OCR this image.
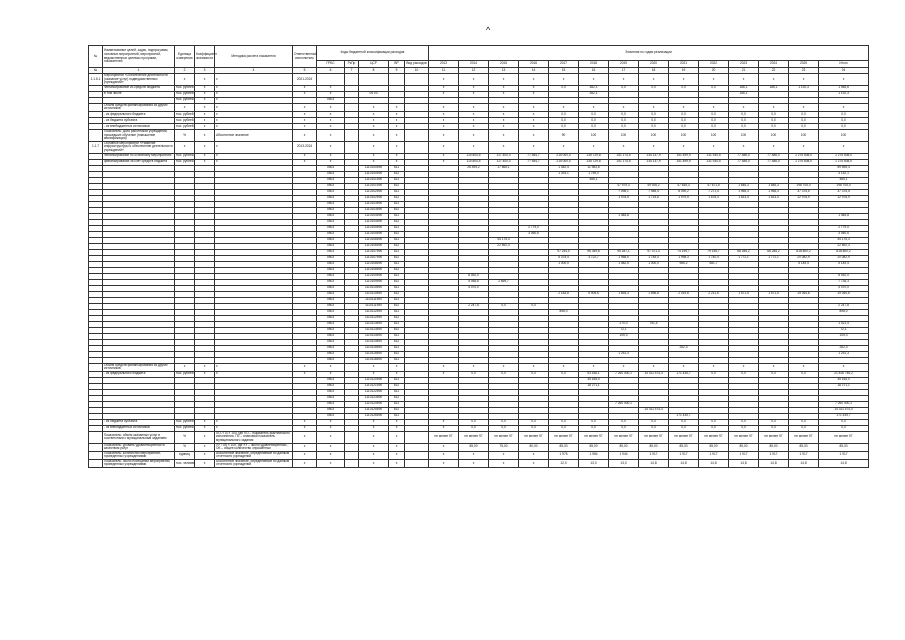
^
№	Наименование целей, задач, подпрограмм, основных мероприятий, мероприятий, ведомственных целевых программ, показателей	Единица измерения	Коэффициент значимости	Методика расчета показателя	Ответственный исполнитель	Коды бюджетной классификации расходов					Значения по годам реализации													
						ГРБС	РзПр	ЦСР	ВР	Вид расходов	2013	2014	2015	2016	2017	2018	2019	2020	2021	2022	2023	2024	2025	Итого
№	1	2	3	4	5	6	7	8	9	10	11	12	13	14	15	16	17	18	19	20	21	22	23	24
1.1.6.1	Мероприятие «Обеспечение деятельности (оказание услуг) подведомственных учреждений»	x	x	x	2021-2024						x	x	x	x	x	x	x	x	x	x	x	x	x	x
	Финансирование из средств бюджета	тыс. рублей	x	x	x	x					x	x	x	x	0,0	382,1	0,0	0,0	0,0	0,0	186,1	186,1	1 192,3	1 946,6
	в том числе	тыс. рублей	x	x	x	x		05 03			x	x	x	x		382,1					186,1			1 192,3
		тыс. рублей	x	x		0503																		
	Объем средств финансирования из других источников	x	x	x	x	x		x	x		x	x	x	x	x	x	x	x	x	x	x	x	x	x
	- из федерального бюджета	тыс. рублей	x	x	x	x		x	x		x	x	x	x	0,0	0,0	0,0	0,0	0,0	0,0	0,0	0,0	0,0	0,0
	- из бюджета субъекта	тыс. рублей	x	x	x	x		x	x		x	x	x	x	0,0	0,0	0,0	0,0	0,0	0,0	0,0	0,0	0,0	0,0
	- из внебюджетных источников	тыс. рублей	x	x	x	x		x	x		x	x	x	x	0,0	0,0	0,0	0,0	0,0	0,0	0,0	0,0	0,0	0,0
	Показатель: доля работников учреждений, прошедших обучение (повышение квалификации)	%	x	Абсолютное значение	x	x		x	x		x	x	x	x	90	100	100	100	100	100	100	100	100	100
1.1.7	Основное мероприятие «Развитие инфраструктуры и обеспечение деятельности учреждений»	x	x	x	2013-2024	x		x	x		x	x	x	x	x	x	x	x	x	x	x	x	x	x
	Финансирование по основному мероприятию	тыс. рублей	x	x	x	x		x	x		x	110 804,5	117 400,3	77 554,7	215 000,0	135 729,8	151 174,5	134 137,9	151 499,9	131 934,5	77 486,0	77 486,0	1 275 608,0	1 275 608,0
	финансирование за счет средств бюджета	тыс. рублей	x	x	x	x		x	x		x	110 804,5	117 400,3	77 554,7	215 000,0	135 729,8	151 174,5	134 137,9	151 499,9	131 934,5	77 486,0	77 486,0	1 275 608,0	1 275 608,0
						0503		1110100590	611			26 494,2	17 665,1		1 452,4	11 983,6								59 595,3
						0503		1110100590	612						1 393,1	1 759,0								3 152,1
						0503		1110101590	611							485,1								485,1
						0503		1110101590	612								47 979,3	49 926,2	47 835,3	47 671,5	1 646,3	1 646,3	198 705,0	198 705,0
						0503		1110102590	611								7 098,1	7 985,4	8 090,2	7 271,4	1 965,3	1 965,3	37 375,5	37 375,5
						0503		1110102590	612								1 978,5	1 715,8	1 979,5	1 678,3	1 813,4	1 813,4	12 978,9	12 978,9
						0503		1110103590	611															
						0503		1110103590	612															
						0503		1110104590	611								1 484,8							1 484,8
						0503		1110104590	612															
						0503		1110105590	611					2 779,0										2 779,0
						0503		1110105590	612					3 060,6										3 060,6
						0503		1110106590	611				44 175,3											44 175,3
						0503		1110106590	612				22 892,3											22 892,3
						0503		1110107590	611						97 244,0	96 349,8	95 287,1	97 371,3	74 199,7	79 155,7	68 285,2	68 285,2	818 800,2	818 800,2
						0503		1110107590	612						5 375,4	3 722,7	1 958,5	1 745,4	1 998,3	1 740,4	1 772,1	1 772,1	20 082,9	20 082,9
						0503		1110108590	611						1 000,0		1 482,5	1 000,0	985,2	681,7			5 149,4	5 149,4
						0503		1110108590	612															
						0503		1110109590	611			8 052,0												8 052,0
						0503		1110109590	612			5 065,6	2 669,7											7 735,3
						0503		1110110590	611			4 070,0												4 070,0
						0503		1110110590	612						2 183,8	5 905,6	1 894,3	1 696,8	2 019,6	2 211,5	1 571,5	1 571,5	19 054,6	19 054,6
						0503		1110111590	611															
						0503		1110111590	612			2 247,8	0,0	0,0										2 247,8
						0503		1110112590	611						898,0									898,0
						0503		1110112590	612															
						0503		1110113590	611								270,0	751,4						1 021,4
						0503		1110113590	612								72,1							72,1
						0503		1110114590	611								105,3							105,3
						0503		1110114590	612															
						0503		1110115590	611										262,3					262,3
						0503		1110115590	612								1 251,3							1 251,3
						0503		1110116590	611															
	Объем средств финансирования из других источников	x	x	x	x	x		x	x		x	x	x	x	x	x	x	x	x	x	x	x	x	x
	- из федерального бюджета	тыс. рублей	x	x	x	x		x	x		x	0,0	0,0	0,0	0,0	53 436,1	7 260 400,1	14 311 474,3	171 435,7	0,0	0,0	0,0	0,0	21 816 746,2
						0503		1110120590	611							35 165,0								35 165,0
						0503		1110121590	612							18 271,1								18 271,1
						0503		1110122590	611															
						0503		1110123590	612															
						0503		1110124590	611								7 260 400,1							7 260 400,1
						0503		1110125590	612									14 311 474,3						14 311 474,3
						0503		1110126590	611										171 435,7					171 435,7
	- из бюджета субъекта	тыс. рублей	x	x	x	x		x	x		x	0,0	0,0	0,0	0,0	0,0	0,0	0,0	0,0	0,0	0,0	0,0	0,0	0,0
	- из внебюджетных источников	тыс. рублей	x	x	x	x		x	x		x	0,0	0,0	0,0	0,0	0,0	0,0	0,0	0,0	0,0	0,0	0,0	0,0	0,0
	Показатель: объем оказанных услуг в соответствии с муниципальным заданием	%	x	ПО / ПЗ × 100, где ПО – показатель фактического исполнения, ПЗ – плановый показатель муниципального задания	x	x		x	x		не менее 97	не менее 97	не менее 97	не менее 97	не менее 97	не менее 97	не менее 97	не менее 97	не менее 97	не менее 97	не менее 97	не менее 97	не менее 97	не менее 97
	Показатель: уровень удовлетворенности качеством услуг	%	x	УУ / ОК × 100, где УУ – число удовлетворенных, ОК – общее количество опрошенных	x	x		x	x		x	85,00	75,00	80,00	85,00	85,00	85,00	85,00	85,00	85,00	85,00	85,00	85,00	85,00
	Показатель: количество мероприятий, проведенных учреждениями	единиц	x	Абсолютное значение, определяемое по данным отчетности учреждений	x	x		x	x		x	x	x	x	1 976	1 984	1 944	1 917	1 917	1 917	1 917	1 917	1 917	1 917
	Показатель: число посещений мероприятий, проведенных учреждениями	тыс. человек	x	Абсолютное значение, определяемое по данным отчетности учреждений	x	x		x	x		x	x	x	x	12,0	13,0	13,0	14,8	14,8	14,8	14,8	14,8	14,8	14,8
